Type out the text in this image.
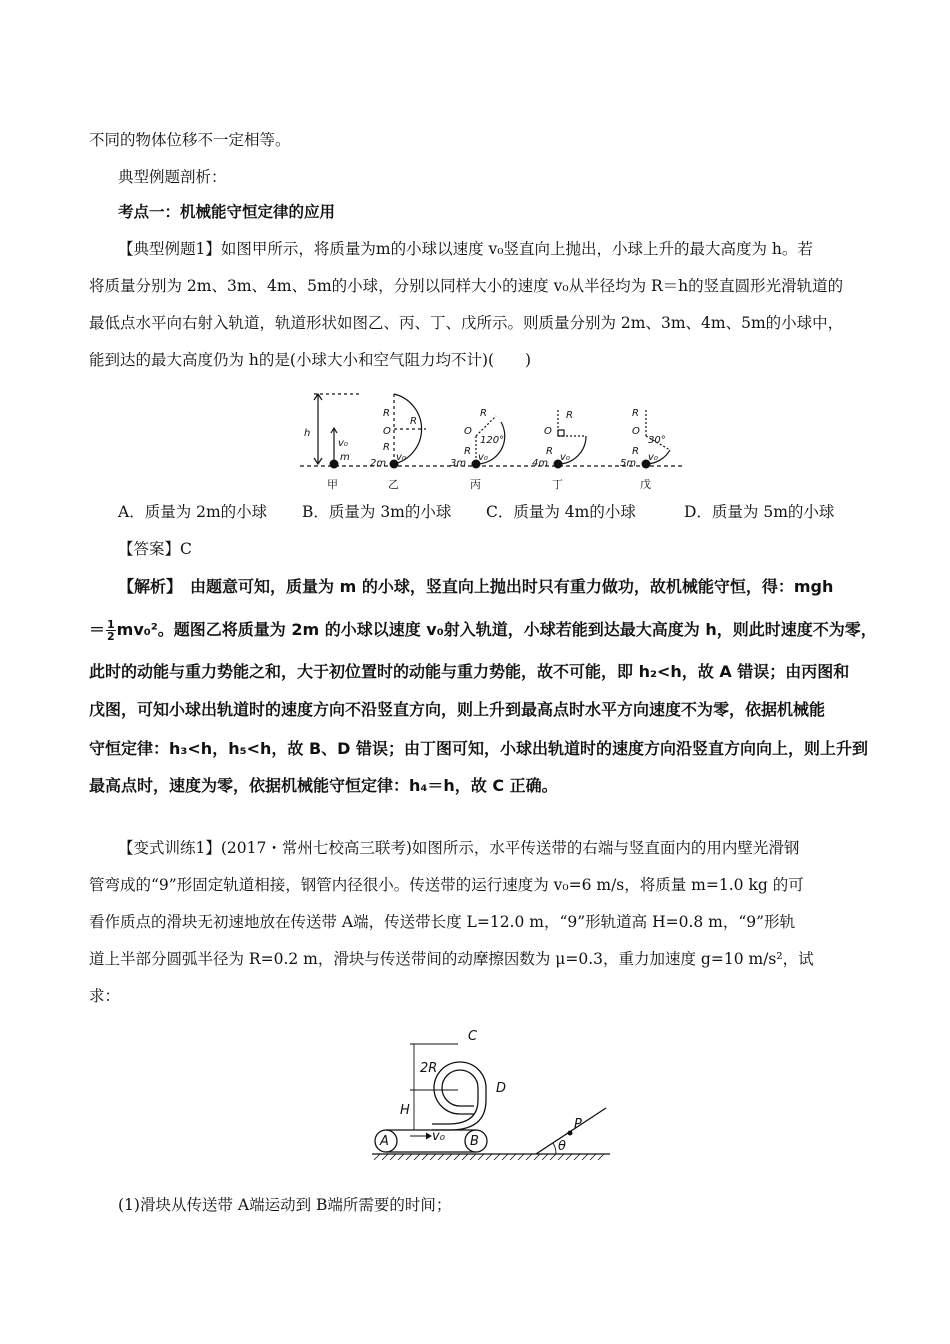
不同的物体位移不一定相等。
典型例题剖析：
考点一：机械能守恒定律的应用
【典型例题1】如图甲所示，将质量为m的小球以速度 v₀竖直向上抛出，小球上升的最大高度为 h。若
将质量分别为 2m、3m、4m、5m的小球，分别以同样大小的速度 v₀从半径均为 R＝h的竖直圆形光滑轨道的
最低点水平向右射入轨道，轨道形状如图乙、丙、丁、戊所示。则质量分别为 2m、3m、4m、5m的小球中，
能到达的最大高度仍为 h的是(小球大小和空气阻力均不计)(　　)
h
v₀
m
R
O
R
R
2m
v₀
R
O
120°
R
3m
v₀
R
O
R
4m
v₀
R
O
30°
R
5m
v₀
甲	乙	丙	丁	戊
A．质量为 2m的小球 B．质量为 3m的小球 C．质量为 4m的小球	D．质量为 5m的小球
【答案】C
【解析】　由题意可知，质量为 m 的小球，竖直向上抛出时只有重力做功，故机械能守恒，得：mgh
＝ $\frac{1}{2} mv_0^2$。题图乙将质量为 2m 的小球以速度 v₀射入轨道，小球若能到达最大高度为 h，则此时速度不为零，
此时的动能与重力势能之和，大于初位置时的动能与重力势能，故不可能，即 h₂<h，故 A 错误；由丙图和
戊图，可知小球出轨道时的速度方向不沿竖直方向，则上升到最高点时水平方向速度不为零，依据机械能
守恒定律：h₃<h，h₅<h，故 B、D 错误；由丁图可知，小球出轨道时的速度方向沿竖直方向向上，则上升到
最高点时，速度为零，依据机械能守恒定律：h₄＝h，故 C 正确。
【变式训练1】(2017・常州七校高三联考)如图所示，水平传送带的右端与竖直面内的用内壁光滑钢
管弯成的“9”形固定轨道相接，钢管内径很小。传送带的运行速度为 v₀=6 m/s，将质量 m=1.0 kg 的可
看作质点的滑块无初速地放在传送带 A端，传送带长度 L=12.0 m，“9”形轨道高 H=0.8 m，“9”形轨
道上半部分圆弧半径为 R=0.2 m，滑块与传送带间的动摩擦因数为 μ=0.3，重力加速度 g=10 m/s²，试
求：
C
D
2R
H
A	B
v₀
P
θ
(1)滑块从传送带 A端运动到 B端所需要的时间；
